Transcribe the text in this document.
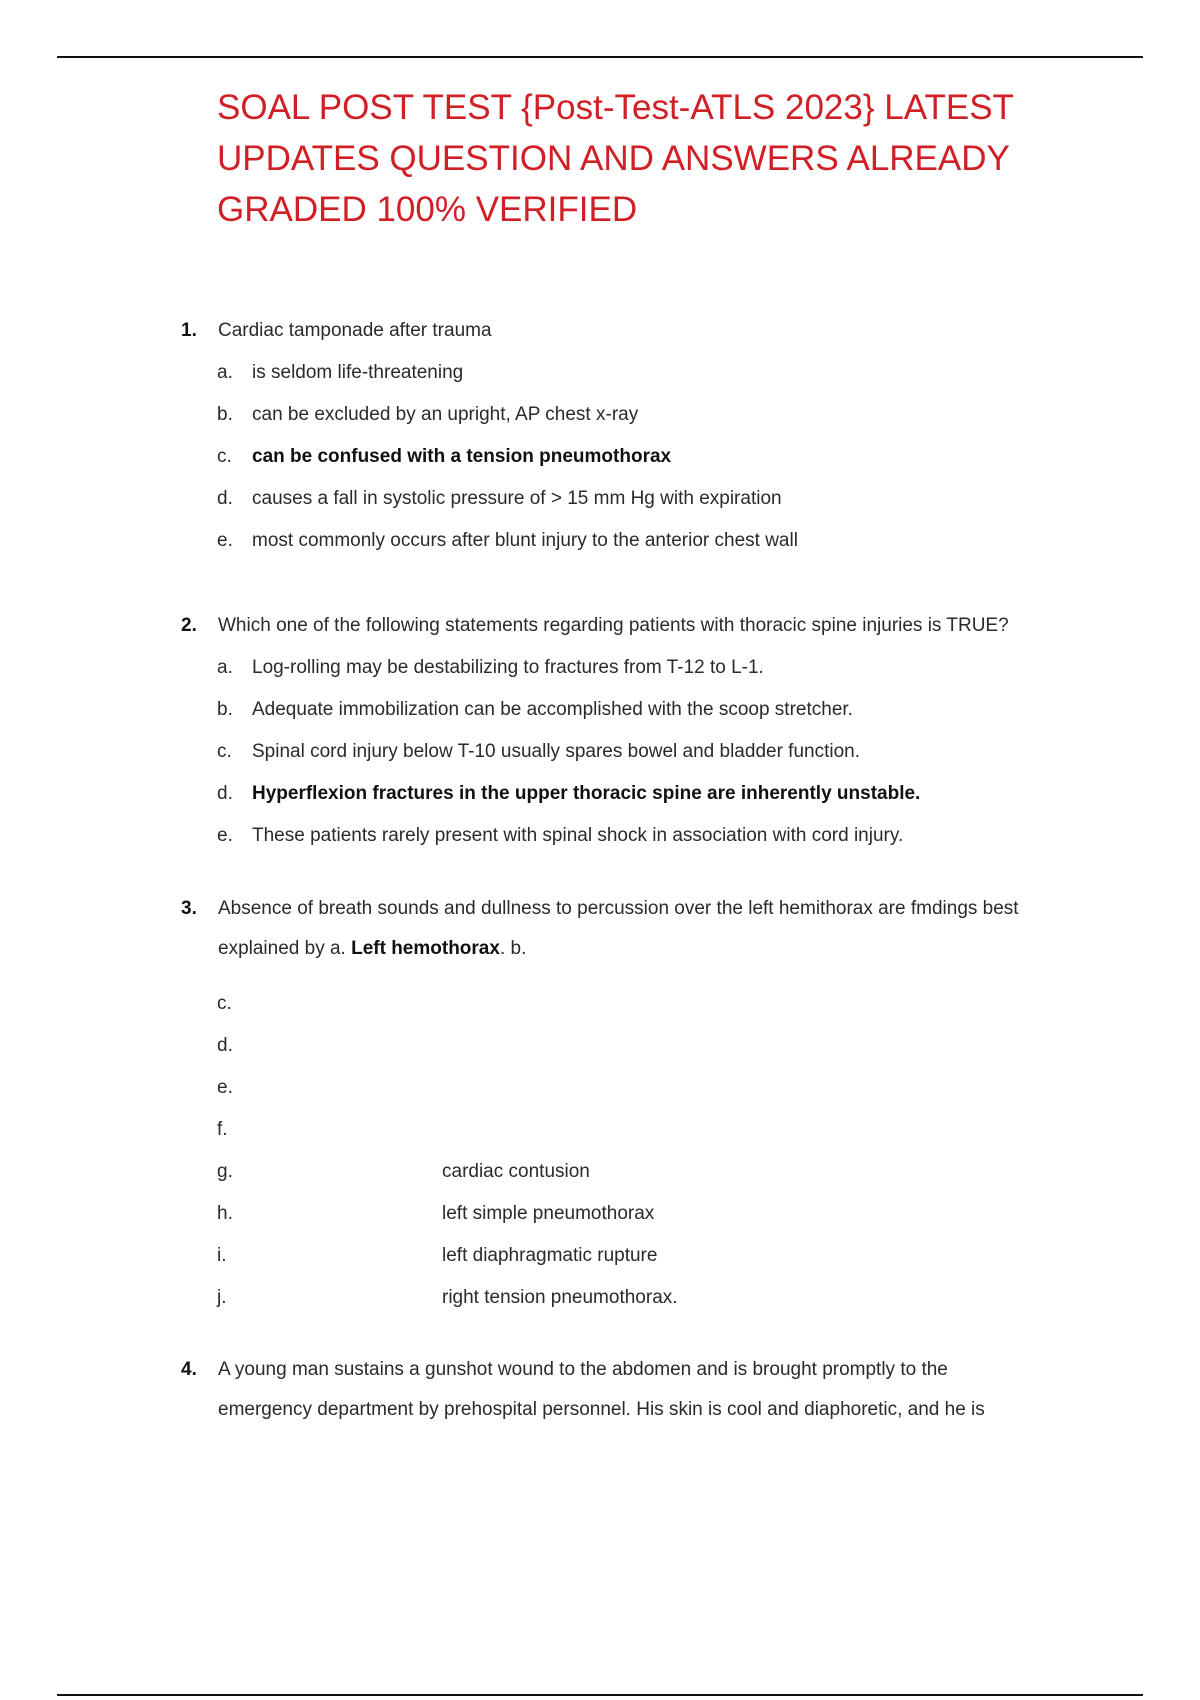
SOAL POST TEST {Post-Test-ATLS 2023} LATEST UPDATES QUESTION AND ANSWERS ALREADY GRADED 100% VERIFIED
1. Cardiac tamponade after trauma
a. is seldom life-threatening
b. can be excluded by an upright, AP chest x-ray
c. can be confused with a tension pneumothorax
d. causes a fall in systolic pressure of > 15 mm Hg with expiration
e. most commonly occurs after blunt injury to the anterior chest wall
2. Which one of the following statements regarding patients with thoracic spine injuries is TRUE?
a. Log-rolling may be destabilizing to fractures from T-12 to L-1.
b. Adequate immobilization can be accomplished with the scoop stretcher.
c. Spinal cord injury below T-10 usually spares bowel and bladder function.
d. Hyperflexion fractures in the upper thoracic spine are inherently unstable.
e. These patients rarely present with spinal shock in association with cord injury.
3. Absence of breath sounds and dullness to percussion over the left hemithorax are fmdings best
explained by a. Left hemothorax. b.
c.
d.
e.
f.
g.	cardiac contusion
h.	left simple pneumothorax
i.	left diaphragmatic rupture
j.	right tension pneumothorax.
4. A young man sustains a gunshot wound to the abdomen and is brought promptly to the
emergency department by prehospital personnel. His skin is cool and diaphoretic, and he is
